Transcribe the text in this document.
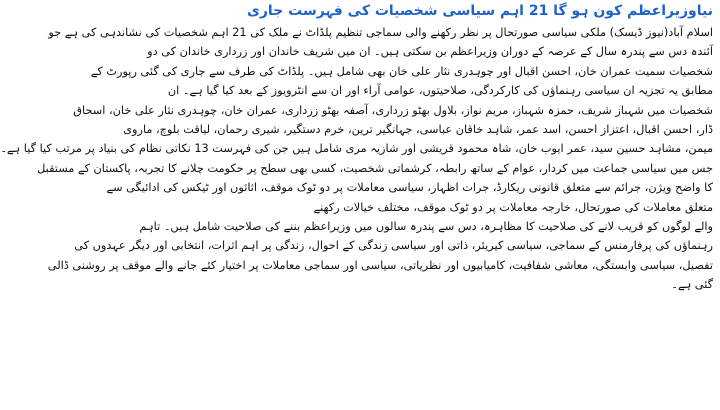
نیاوزیراعظم کون ہو گا 21 اہم سیاسی شخصیات کی فہرست جاری
اسلام آباد(نیوز ڈیسک) ملکی سیاسی صورتحال پر نظر رکھنے والی سماجی تنظیم پلڈاٹ نے ملک کی 21 اہم شخصیات کی نشاندہی کی ہے جو
آئندہ دس سے پندرہ سال کے عرصہ کے دوران وزیراعظم بن سکتی ہیں۔ ان میں شریف خاندان اور زرداری خاندان کی دو
شخصیات سمیت عمران خان، احسن اقبال اور چوہدری نثار علی خان بھی شامل ہیں۔ پلڈاٹ کی طرف سے جاری کی گئی رپورٹ کے
مطابق یہ تجزیہ ان سیاسی رہنماؤں کی کارکردگی، صلاحیتوں، عوامی آراء اور ان سے انٹرویوز کے بعد کیا گیا ہے۔ ان
شخصیات میں شہباز شریف، حمزہ شہباز، مریم نواز، بلاول بھٹو زرداری، آصفہ بھٹو زرداری، عمران خان، چوہدری نثار علی خان، اسحاق
ڈار، احسن اقبال، اعتزاز احسن، اسد عمر، شاہد خاقان عباسی، جہانگیر ترین، خرم دستگیر، شیری رحمان، لیاقت بلوچ، ماروی
میمن، مشاہد حسین سید، عمر ایوب خان، شاہ محمود قریشی اور شازیہ مری شامل ہیں جن کی فہرست 13 نکاتی نظام کی بنیاد پر مرتب کیا گیا ہے۔
جس میں سیاسی جماعت میں کردار، عوام کے ساتھ رابطہ، کرشماتی شخصیت، کسی بھی سطح پر حکومت چلانے کا تجربہ، پاکستان کے مستقبل
کا واضح ویژن، جرائم سے متعلق قانونی ریکارڈ، جرات اظہار، سیاسی معاملات پر دو ٹوک موقف، اثاثوں اور ٹیکس کی ادائیگی سے
متعلق معاملات کی صورتحال، خارجہ معاملات پر دو ٹوک موقف، مختلف خیالات رکھنے
والے لوگوں کو قریب لانے کی صلاحیت کا مظاہرہ، دس سے پندرہ سالوں میں وزیراعظم بننے کی صلاحیت شامل ہیں۔ تاہم
رہنماؤں کی پرفارمنس کے سماجی، سیاسی کیریئر، ذاتی اور سیاسی زندگی کے احوال، زندگی پر اہم اثرات، انتخابی اور دیگر عہدوں کی
تفصیل، سیاسی وابستگی، معاشی شفافیت، کامیابیوں اور نظریاتی، سیاسی اور سماجی معاملات پر اختیار کئے جانے والے موقف پر روشنی ڈالی
گئی ہے۔
